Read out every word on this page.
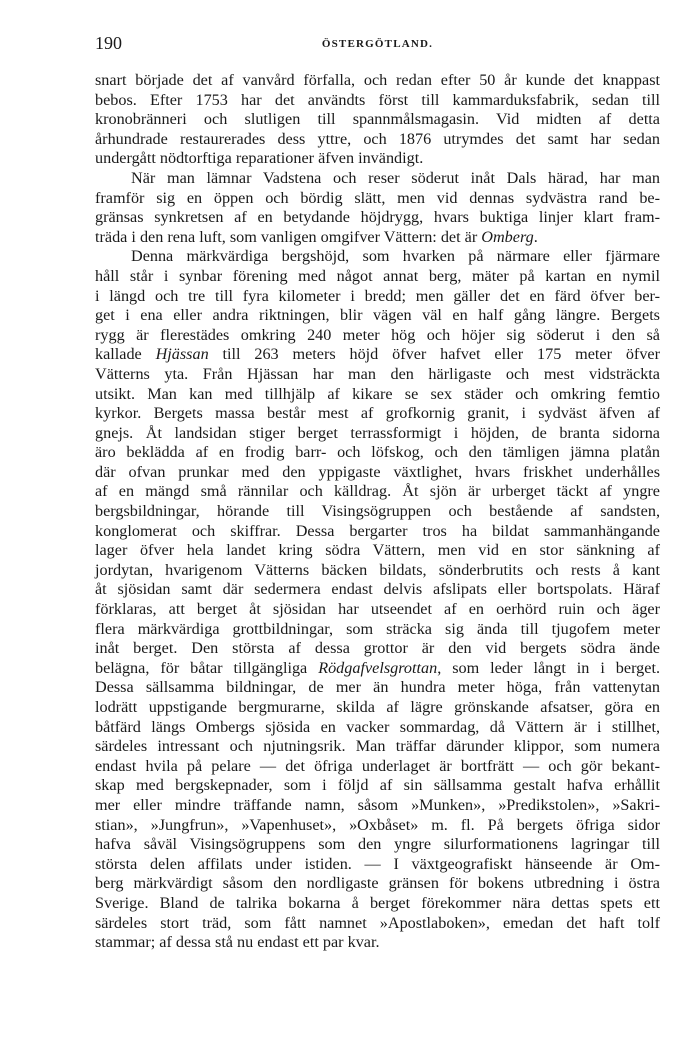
190	ÖSTERGÖTLAND.
snart började det af vanvård förfalla, och redan efter 50 år kunde det knappast
bebos. Efter 1753 har det användts först till kammarduksfabrik, sedan till
kronobränneri och slutligen till spannmålsmagasin. Vid midten af detta
århundrade restaurerades dess yttre, och 1876 utrymdes det samt har sedan
undergått nödtorftiga reparationer äfven invändigt.
När man lämnar Vadstena och reser söderut inåt Dals härad, har man
framför sig en öppen och bördig slätt, men vid dennas sydvästra rand be-
gränsas synkretsen af en betydande höjdrygg, hvars buktiga linjer klart fram-
träda i den rena luft, som vanligen omgifver Vättern: det är Omberg.
Denna märkvärdiga bergshöjd, som hvarken på närmare eller fjärmare
håll står i synbar förening med något annat berg, mäter på kartan en nymil
i längd och tre till fyra kilometer i bredd; men gäller det en färd öfver ber-
get i ena eller andra riktningen, blir vägen väl en half gång längre. Bergets
rygg är flerestädes omkring 240 meter hög och höjer sig söderut i den så
kallade Hjässan till 263 meters höjd öfver hafvet eller 175 meter öfver
Vätterns yta. Från Hjässan har man den härligaste och mest vidsträckta
utsikt. Man kan med tillhjälp af kikare se sex städer och omkring femtio
kyrkor. Bergets massa består mest af grofkornig granit, i sydväst äfven af
gnejs. Åt landsidan stiger berget terrassformigt i höjden, de branta sidorna
äro beklädda af en frodig barr- och löfskog, och den tämligen jämna platån
där ofvan prunkar med den yppigaste växtlighet, hvars friskhet underhålles
af en mängd små rännilar och källdrag. Åt sjön är urberget täckt af yngre
bergsbildningar, hörande till Visingsögruppen och bestående af sandsten,
konglomerat och skiffrar. Dessa bergarter tros ha bildat sammanhängande
lager öfver hela landet kring södra Vättern, men vid en stor sänkning af
jordytan, hvarigenom Vätterns bäcken bildats, sönderbrutits och rests å kant
åt sjösidan samt där sedermera endast delvis afslipats eller bortspolats. Häraf
förklaras, att berget åt sjösidan har utseendet af en oerhörd ruin och äger
flera märkvärdiga grottbildningar, som sträcka sig ända till tjugofem meter
inåt berget. Den största af dessa grottor är den vid bergets södra ände
belägna, för båtar tillgängliga Rödgafvelsgrottan, som leder långt in i berget.
Dessa sällsamma bildningar, de mer än hundra meter höga, från vattenytan
lodrätt uppstigande bergmurarne, skilda af lägre grönskande afsatser, göra en
båtfärd längs Ombergs sjösida en vacker sommardag, då Vättern är i stillhet,
särdeles intressant och njutningsrik. Man träffar därunder klippor, som numera
endast hvila på pelare — det öfriga underlaget är bortfrätt — och gör bekant-
skap med bergskepnader, som i följd af sin sällsamma gestalt hafva erhållit
mer eller mindre träffande namn, såsom »Munken», »Predikstolen», »Sakri-
stian», »Jungfrun», »Vapenhuset», »Oxbåset» m. fl. På bergets öfriga sidor
hafva såväl Visingsögruppens som den yngre silurformationens lagringar till
största delen affilats under istiden. — I växtgeografiskt hänseende är Om-
berg märkvärdigt såsom den nordligaste gränsen för bokens utbredning i östra
Sverige. Bland de talrika bokarna å berget förekommer nära dettas spets ett
särdeles stort träd, som fått namnet »Apostlaboken», emedan det haft tolf
stammar; af dessa stå nu endast ett par kvar.
